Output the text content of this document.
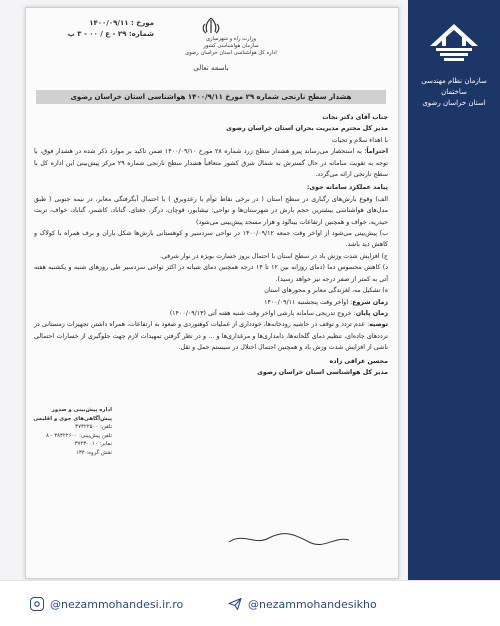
سازمان نظام مهندسی ساختمان
استان خراسان رضوی
مورخ : ۱۴۰۰/۰۹/۱۱
شماره: ۲۹ - ع / ۰۰ - ۳ پ
وزارت راه و شهرسازی
سازمان هواشناسی کشور
اداره کل هواشناسی استان خراسان رضوی
باسمه تعالی
هشدار سطح نارنجی شماره ۲۹ مورخ ۱۴۰۰/۹/۱۱ هواشناسی استان خراسان رضوی

جناب آقای دکتر نجات

مدیر کل محترم مدیریت بحران استان خراسان رضوی

با اهداء سلام و تحیات

احتراماً؛ به استحضار می‌رساند پیرو هشدار سطح زرد شماره ۲۸ مورخ ۱۴۰۰/۰۹/۱۰ ضمن تاکید بر موارد ذکر شده در هشدار فوق، با توجه به تقویت سامانه در حال گسترش به شمال شرق کشور متعاقباً هشدار سطح نارنجی شماره ۲۹ مرکز پیش‌بینی این اداره کل با سطح نارنجی ارائه می‌گردد.

پیامد عملکرد سامانه جوی:

الف) وقوع بارش‌های رگباری در سطح استان ( در برخی نقاط توأم با رعدوبرق ) با احتمال آبگرفتگی معابر، در نیمه جنوبی ( طبق مدل‌های هواشناسی بیشترین حجم بارش در شهرستان‌ها و نواحی: نیشابور، قوچان، درگز، جغتای، گناباد، کاشمر، گناباد، خواف، تربت حیدریه، خواف و همچنین ارتفاعات بینالود و هزار مسجد پیش‌بینی می‌شود)

ب) پیش‌بینی می‌شود از اواخر وقت جمعه ۱۴۰۰/۰۹/۱۲ در نواحی سردسیر و کوهستانی بارش‌ها شکل باران و برف همراه با کولاک و کاهش دید باشد.

ج) افزایش شدت وزش باد در سطح استان با احتمال بروز خسارت بویژه در نوار شرقی.

د) کاهش محسوس دما (دمای روزانه بین ۱۲ تا ۱۴ درجه همچنین دمای شبانه در اکثر نواحی سردسیر طی روزهای شنبه و یکشنبه هفته آتی به کمتر از صفر درجه نیز خواهد رسید).

ه) تشکیل مه، لغزندگی معابر و محورهای استان

زمان شروع: اواخر وقت پنجشنبه ۱۴۰۰/۰۹/۱۱

زمان پایان: خروج تدریجی سامانه بارشی اواخر وقت شنبه هفته آتی (۱۴۰۰/۰۹/۱۳)

توصیه: عدم تردد و توقف در حاشیه رودخانه‌ها، خودداری از عملیات کوهنوردی و صعود به ارتفاعات، همراه داشتن تجهیزات زمستانی در ترددهای جاده‌ای، تنظیم دمای گلخانه‌ها، دامداری‌ها و مرغداری‌ها و ... و در نظر گرفتن تمهیدات لازم جهت جلوگیری از خسارات احتمالی ناشی از افزایش شدت وزش باد و همچنین احتمال اختلال در سیستم حمل و نقل.

محسن عراقی زاده

مدیر کل هواشناسی استان خراسان رضوی

اداره پیش‌بینی و صدور
پیش‌آگاهی‌های جوی و اقلیمی
تلفن: ۳۷۳۲۲۵۰۰
تلفن پیش‌بینی: ۳۸۳۲۲۶۰۰ - ۸
نمابر: ۳۷۴۳۰۰۱۰
نقش گروه: ۱۳۴
@nezammohandesi.ir.ro	@nezammohandesikho
